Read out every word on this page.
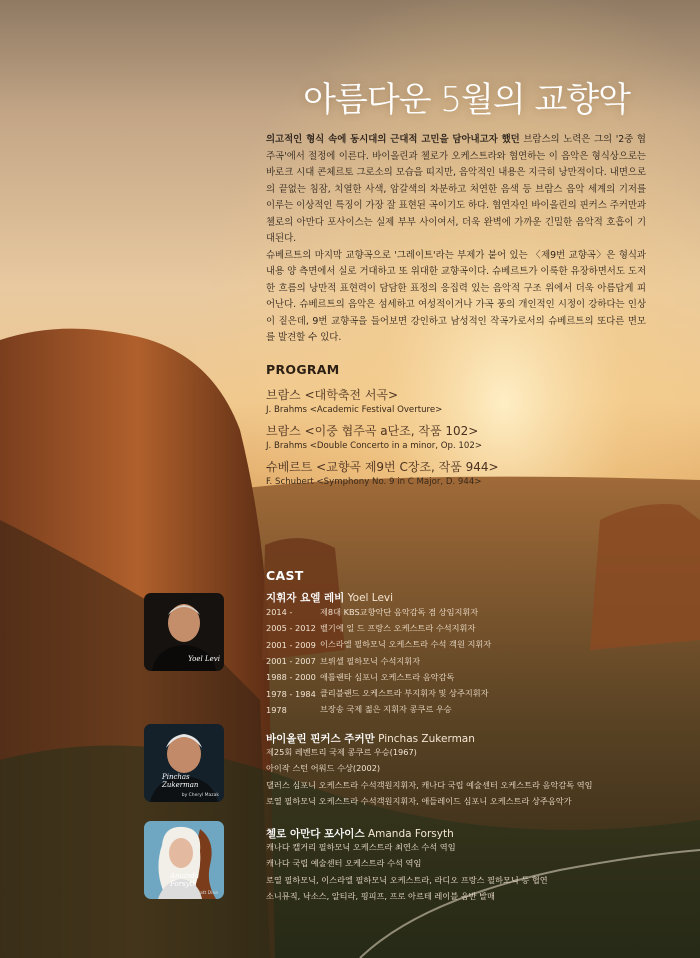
아름다운 5월의 교향악

의고적인 형식 속에 동시대의 근대적 고민을 담아내고자 했던 브람스의 노력은 그의 '2중 협주곡'에서 절정에 이른다. 바이올린과 첼로가 오케스트라와 협연하는 이 음악은 형식상으로는 바로크 시대 콘체르토 그로소의 모습을 띠지만, 음악적인 내용은 지극히 낭만적이다. 내면으로의 끝없는 침잠, 치열한 사색, 암갈색의 차분하고 처연한 음색 등 브람스 음악 세계의 기저를 이루는 이상적인 특징이 가장 잘 표현된 곡이기도 하다. 협연자인 바이올린의 핀커스 주커만과 첼로의 아만다 포사이스는 실제 부부 사이여서, 더욱 완벽에 가까운 긴밀한 음악적 호흡이 기대된다.

슈베르트의 마지막 교향곡으로 '그레이트'라는 부제가 붙어 있는 〈제9번 교향곡〉은 형식과 내용 양 측면에서 실로 거대하고 또 위대한 교향곡이다. 슈베르트가 이룩한 유장하면서도 도저한 흐름의 낭만적 표현력이 담담한 표정의 응집력 있는 음악적 구조 위에서 더욱 아름답게 피어난다. 슈베르트의 음악은 섬세하고 여성적이거나 가곡 풍의 개인적인 시정이 강하다는 인상이 짙은데, 9번 교향곡을 들어보면 강인하고 남성적인 작곡가로서의 슈베르트의 또다른 면모를 발견할 수 있다.

PROGRAM
브람스 <대학축전 서곡>
J. Brahms <Academic Festival Overture>
브람스 <이중 협주곡 a단조, 작품 102>
J. Brahms <Double Concerto in a minor, Op. 102>
슈베르트 <교향곡 제9번 C장조, 작품 944>
F. Schubert <Symphony No. 9 in C Major, D. 944>
CAST
Yoel Levi
지휘자 요엘 레비 Yoel Levi
2014 -	제8대 KBS교향악단 음악감독 겸 상임지휘자
2005 - 2012 벨기에 일 드 프랑스 오케스트라 수석지휘자
2001 - 2009 이스라엘 필하모닉 오케스트라 수석 객원 지휘자
2001 - 2007 브뤼셀 필하모닉 수석지휘자
1988 - 2000 애틀랜타 심포니 오케스트라 음악감독
1978 - 1984 클리블랜드 오케스트라 부지휘자 및 상주지휘자
1978	브장송 국제 젊은 지휘자 콩쿠르 우승
Pinchas Zukerman
by Cheryl Mazak
바이올린 핀커스 주커만 Pinchas Zukerman
제25회 레벤트리 국제 콩쿠르 우승(1967)
아이작 스턴 어워드 수상(2002)
댈러스 심포니 오케스트라 수석객원지휘자, 캐나다 국립 예술센터 오케스트라 음악감독 역임
로열 필하모닉 오케스트라 수석객원지휘자, 애들레이드 심포니 오케스트라 상주음악가
Amanda Forsyth
by Matt Dine
첼로 아만다 포사이스 Amanda Forsyth
캐나다 캘거리 필하모닉 오케스트라 최연소 수석 역임
캐나다 국립 예술센터 오케스트라 수석 역임
로열 필하모닉, 이스라엘 필하모닉 오케스트라, 라디오 프랑스 필하모닉 등 협연
소니뮤직, 낙소스, 알티라, 핑피프, 프로 아르테 레이블 음반 발매
